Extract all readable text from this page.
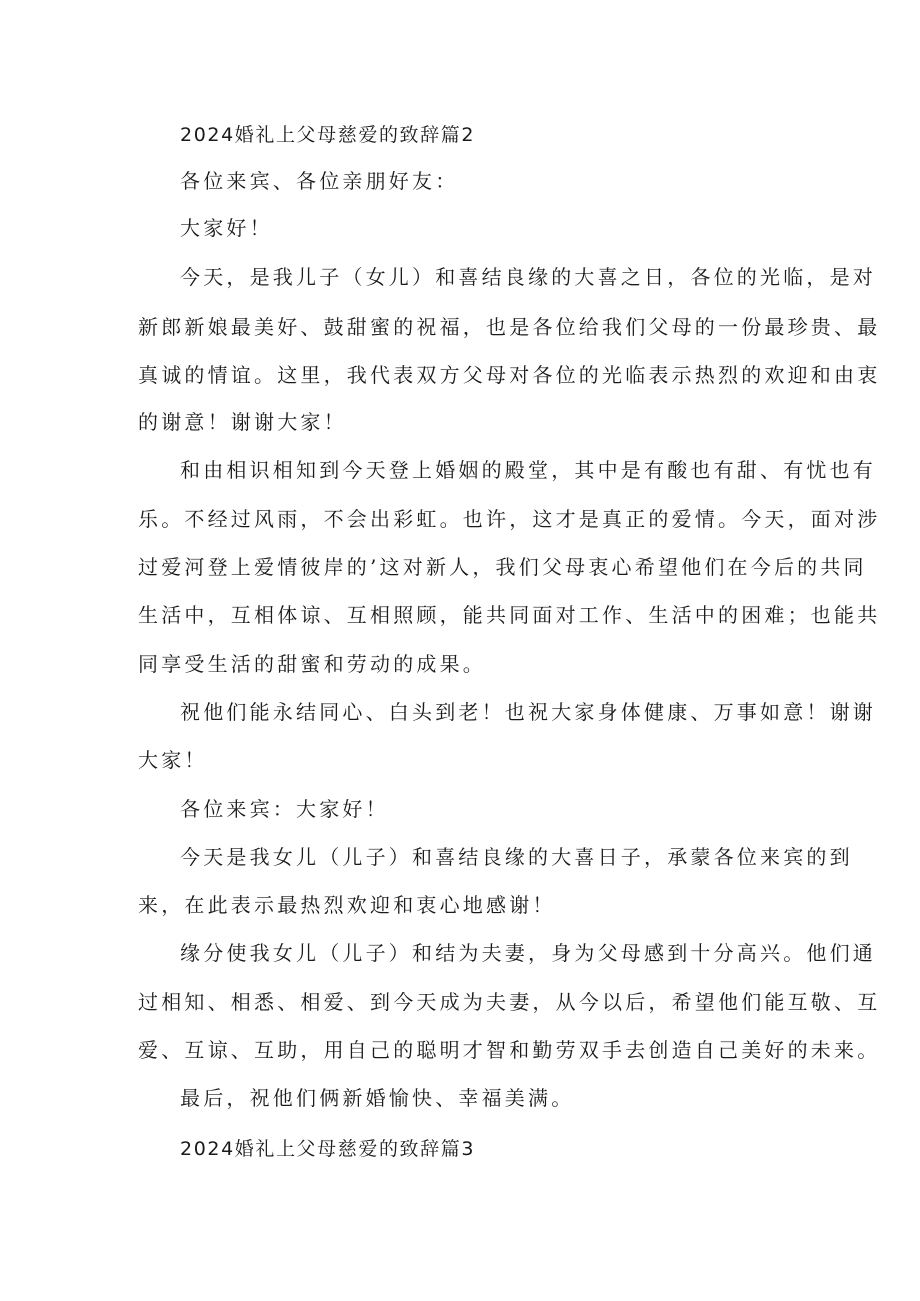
2024婚礼上父母慈爱的致辞篇2

各位来宾、各位亲朋好友：

大家好！

今天，是我儿子（女儿）和喜结良缘的大喜之日，各位的光临，是对

新郎新娘最美好、鼓甜蜜的祝福，也是各位给我们父母的一份最珍贵、最

真诚的情谊。这里，我代表双方父母对各位的光临表示热烈的欢迎和由衷

的谢意！谢谢大家！

和由相识相知到今天登上婚姻的殿堂，其中是有酸也有甜、有忧也有

乐。不经过风雨，不会出彩虹。也许，这才是真正的爱情。今天，面对涉

过爱河登上爱情彼岸的’这对新人，我们父母衷心希望他们在今后的共同

生活中，互相体谅、互相照顾，能共同面对工作、生活中的困难；也能共

同享受生活的甜蜜和劳动的成果。

祝他们能永结同心、白头到老！也祝大家身体健康、万事如意！谢谢

大家！

各位来宾：大家好！

今天是我女儿（儿子）和喜结良缘的大喜日子，承蒙各位来宾的到

来，在此表示最热烈欢迎和衷心地感谢！

缘分使我女儿（儿子）和结为夫妻，身为父母感到十分高兴。他们通

过相知、相悉、相爱、到今天成为夫妻，从今以后，希望他们能互敬、互

爱、互谅、互助，用自己的聪明才智和勤劳双手去创造自己美好的未来。

最后，祝他们俩新婚愉快、幸福美满。

2024婚礼上父母慈爱的致辞篇3
